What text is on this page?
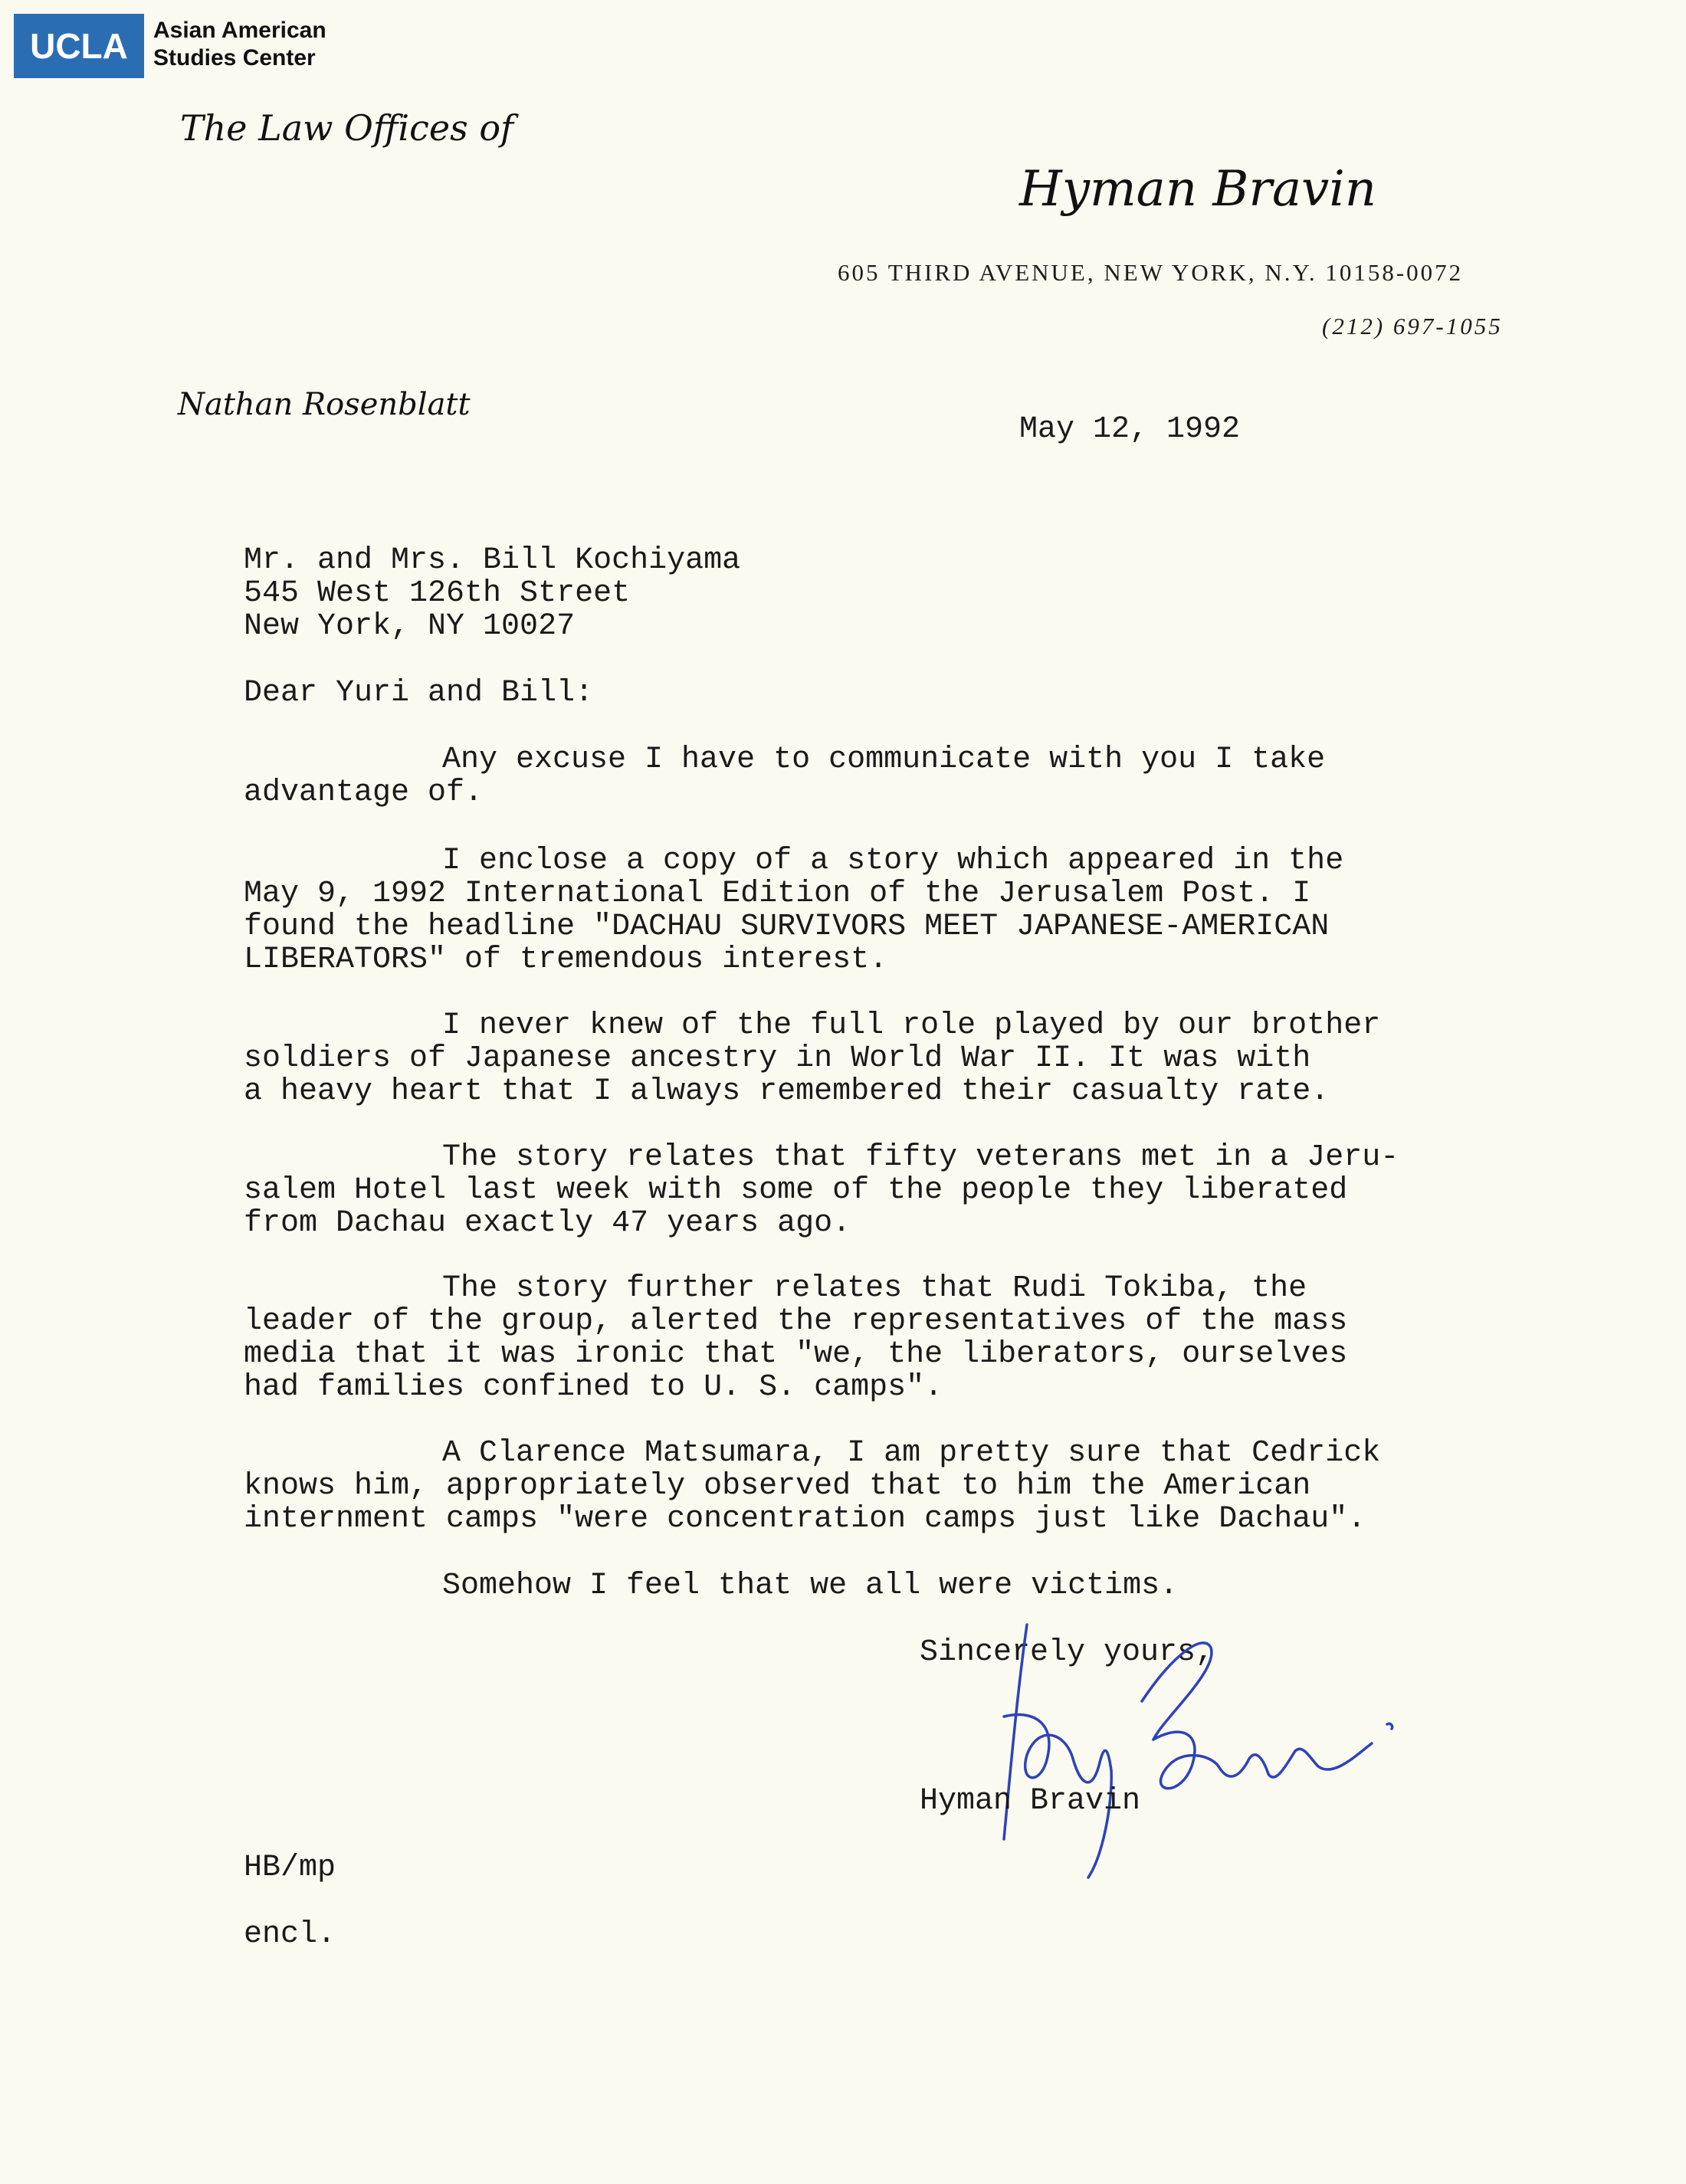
UCLA	Asian American
Studies Center
The Law Offices of
Hyman Bravin
605 THIRD AVENUE, NEW YORK, N.Y. 10158-0072
(212) 697-1055
Nathan Rosenblatt
May 12, 1992
Mr. and Mrs. Bill Kochiyama
545 West 126th Street
New York, NY 10027
Dear Yuri and Bill:
Any excuse I have to communicate with you I take
advantage of.
I enclose a copy of a story which appeared in the
May 9, 1992 International Edition of the Jerusalem Post. I
found the headline "DACHAU SURVIVORS MEET JAPANESE-AMERICAN
LIBERATORS" of tremendous interest.
I never knew of the full role played by our brother
soldiers of Japanese ancestry in World War II. It was with
a heavy heart that I always remembered their casualty rate.
The story relates that fifty veterans met in a Jeru-
salem Hotel last week with some of the people they liberated
from Dachau exactly 47 years ago.
The story further relates that Rudi Tokiba, the
leader of the group, alerted the representatives of the mass
media that it was ironic that "we, the liberators, ourselves
had families confined to U. S. camps".
A Clarence Matsumara, I am pretty sure that Cedrick
knows him, appropriately observed that to him the American
internment camps "were concentration camps just like Dachau".
Somehow I feel that we all were victims.
Sincerely yours,
Hyman Bravin
HB/mp
encl.
